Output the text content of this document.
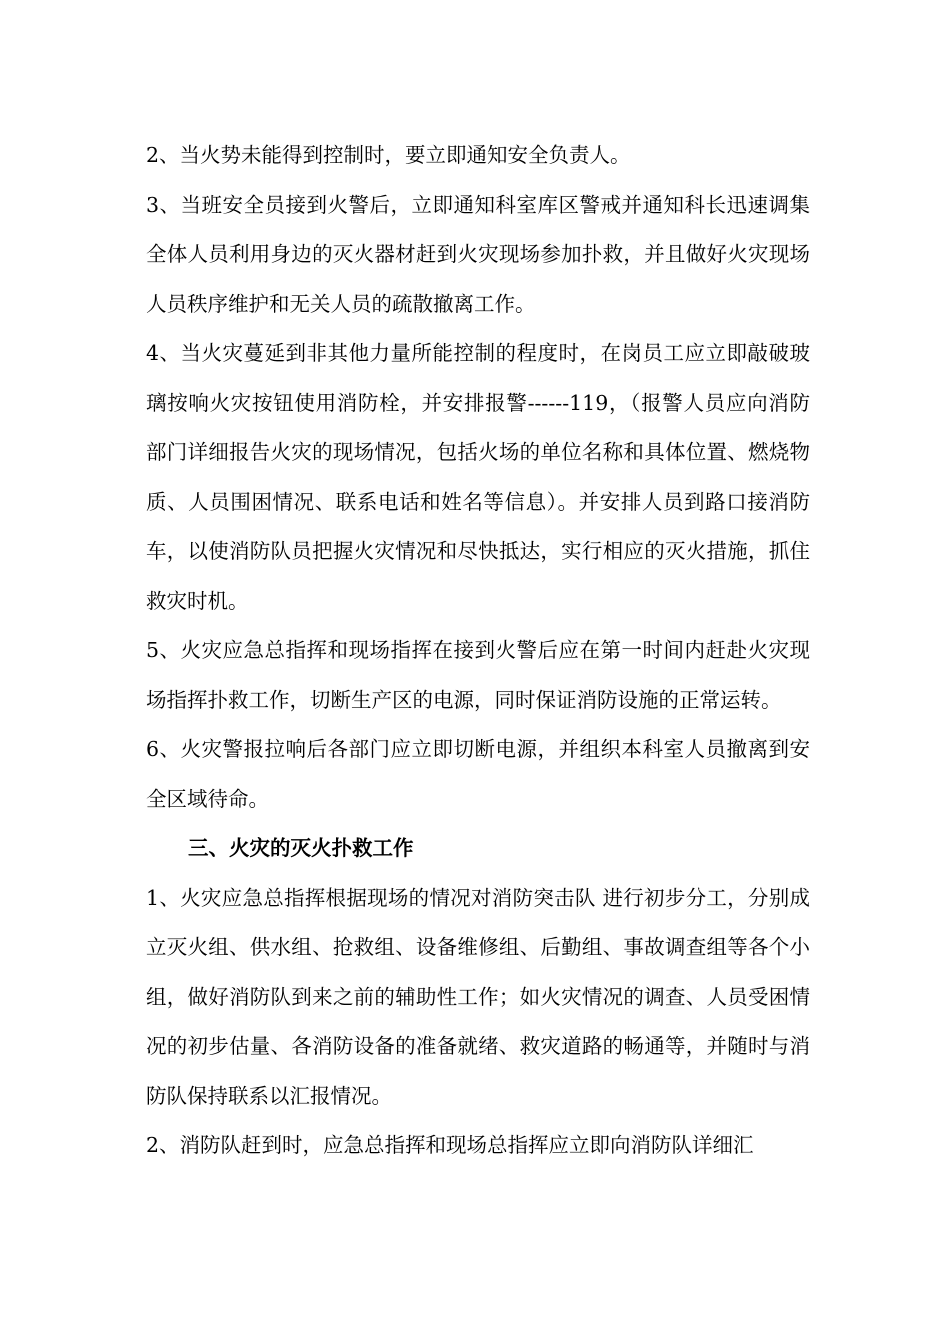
2、当火势未能得到控制时，要立即通知安全负责人。

3、当班安全员接到火警后，立即通知科室库区警戒并通知科长迅速调集全体人员利用身边的灭火器材赶到火灾现场参加扑救，并且做好火灾现场人员秩序维护和无关人员的疏散撤离工作。

4、当火灾蔓延到非其他力量所能控制的程度时，在岗员工应立即敲破玻璃按响火灾按钮使用消防栓，并安排报警------119，（报警人员应向消防部门详细报告火灾的现场情况，包括火场的单位名称和具体位置、燃烧物质、人员围困情况、联系电话和姓名等信息）。并安排人员到路口接消防车，以使消防队员把握火灾情况和尽快抵达，实行相应的灭火措施，抓住救灾时机。

5、火灾应急总指挥和现场指挥在接到火警后应在第一时间内赶赴火灾现场指挥扑救工作，切断生产区的电源，同时保证消防设施的正常运转。

6、火灾警报拉响后各部门应立即切断电源，并组织本科室人员撤离到安全区域待命。

三、火灾的灭火扑救工作

1、火灾应急总指挥根据现场的情况对消防突击队 进行初步分工，分别成立灭火组、供水组、抢救组、设备维修组、后勤组、事故调查组等各个小组，做好消防队到来之前的辅助性工作；如火灾情况的调查、人员受困情况的初步估量、各消防设备的准备就绪、救灾道路的畅通等，并随时与消防队保持联系以汇报情况。

2、消防队赶到时，应急总指挥和现场总指挥应立即向消防队详细汇
